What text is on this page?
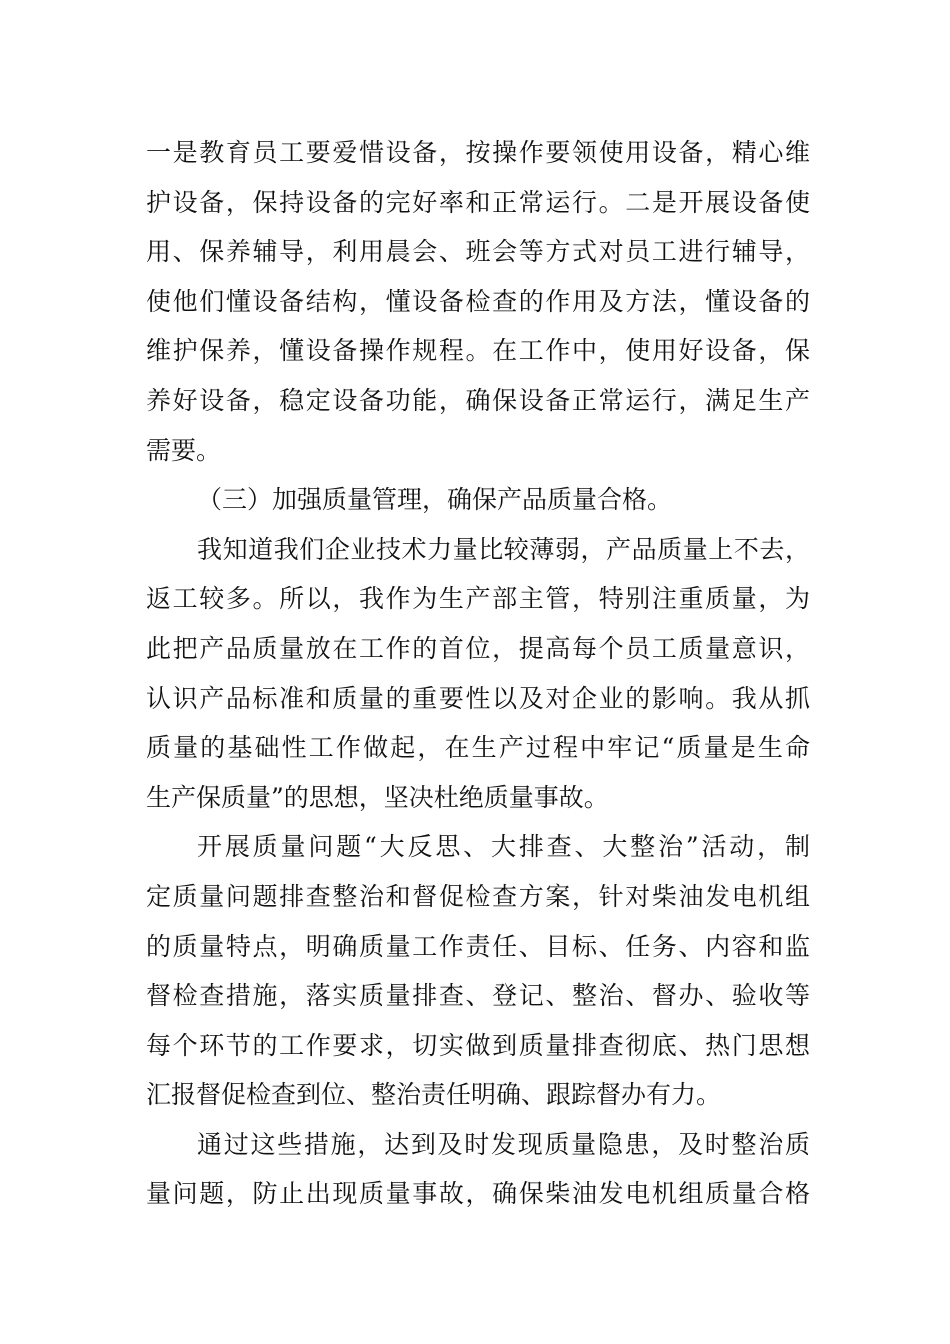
一是教育员工要爱惜设备，按操作要领使用设备，精心维
护设备，保持设备的完好率和正常运行。二是开展设备使
用、保养辅导，利用晨会、班会等方式对员工进行辅导，
使他们懂设备结构，懂设备检查的作用及方法，懂设备的
维护保养，懂设备操作规程。在工作中，使用好设备，保
养好设备，稳定设备功能，确保设备正常运行，满足生产
需要。
（三）加强质量管理，确保产品质量合格。
我知道我们企业技术力量比较薄弱，产品质量上不去，
返工较多。所以，我作为生产部主管，特别注重质量，为
此把产品质量放在工作的首位，提高每个员工质量意识，
认识产品标准和质量的重要性以及对企业的影响。我从抓
质量的基础性工作做起，在生产过程中牢记“质量是生命
生产保质量”的思想，坚决杜绝质量事故。
开展质量问题“大反思、大排查、大整治”活动，制
定质量问题排查整治和督促检查方案，针对柴油发电机组
的质量特点，明确质量工作责任、目标、任务、内容和监
督检查措施，落实质量排查、登记、整治、督办、验收等
每个环节的工作要求，切实做到质量排查彻底、热门思想
汇报督促检查到位、整治责任明确、跟踪督办有力。
通过这些措施，达到及时发现质量隐患，及时整治质
量问题，防止出现质量事故，确保柴油发电机组质量合格
